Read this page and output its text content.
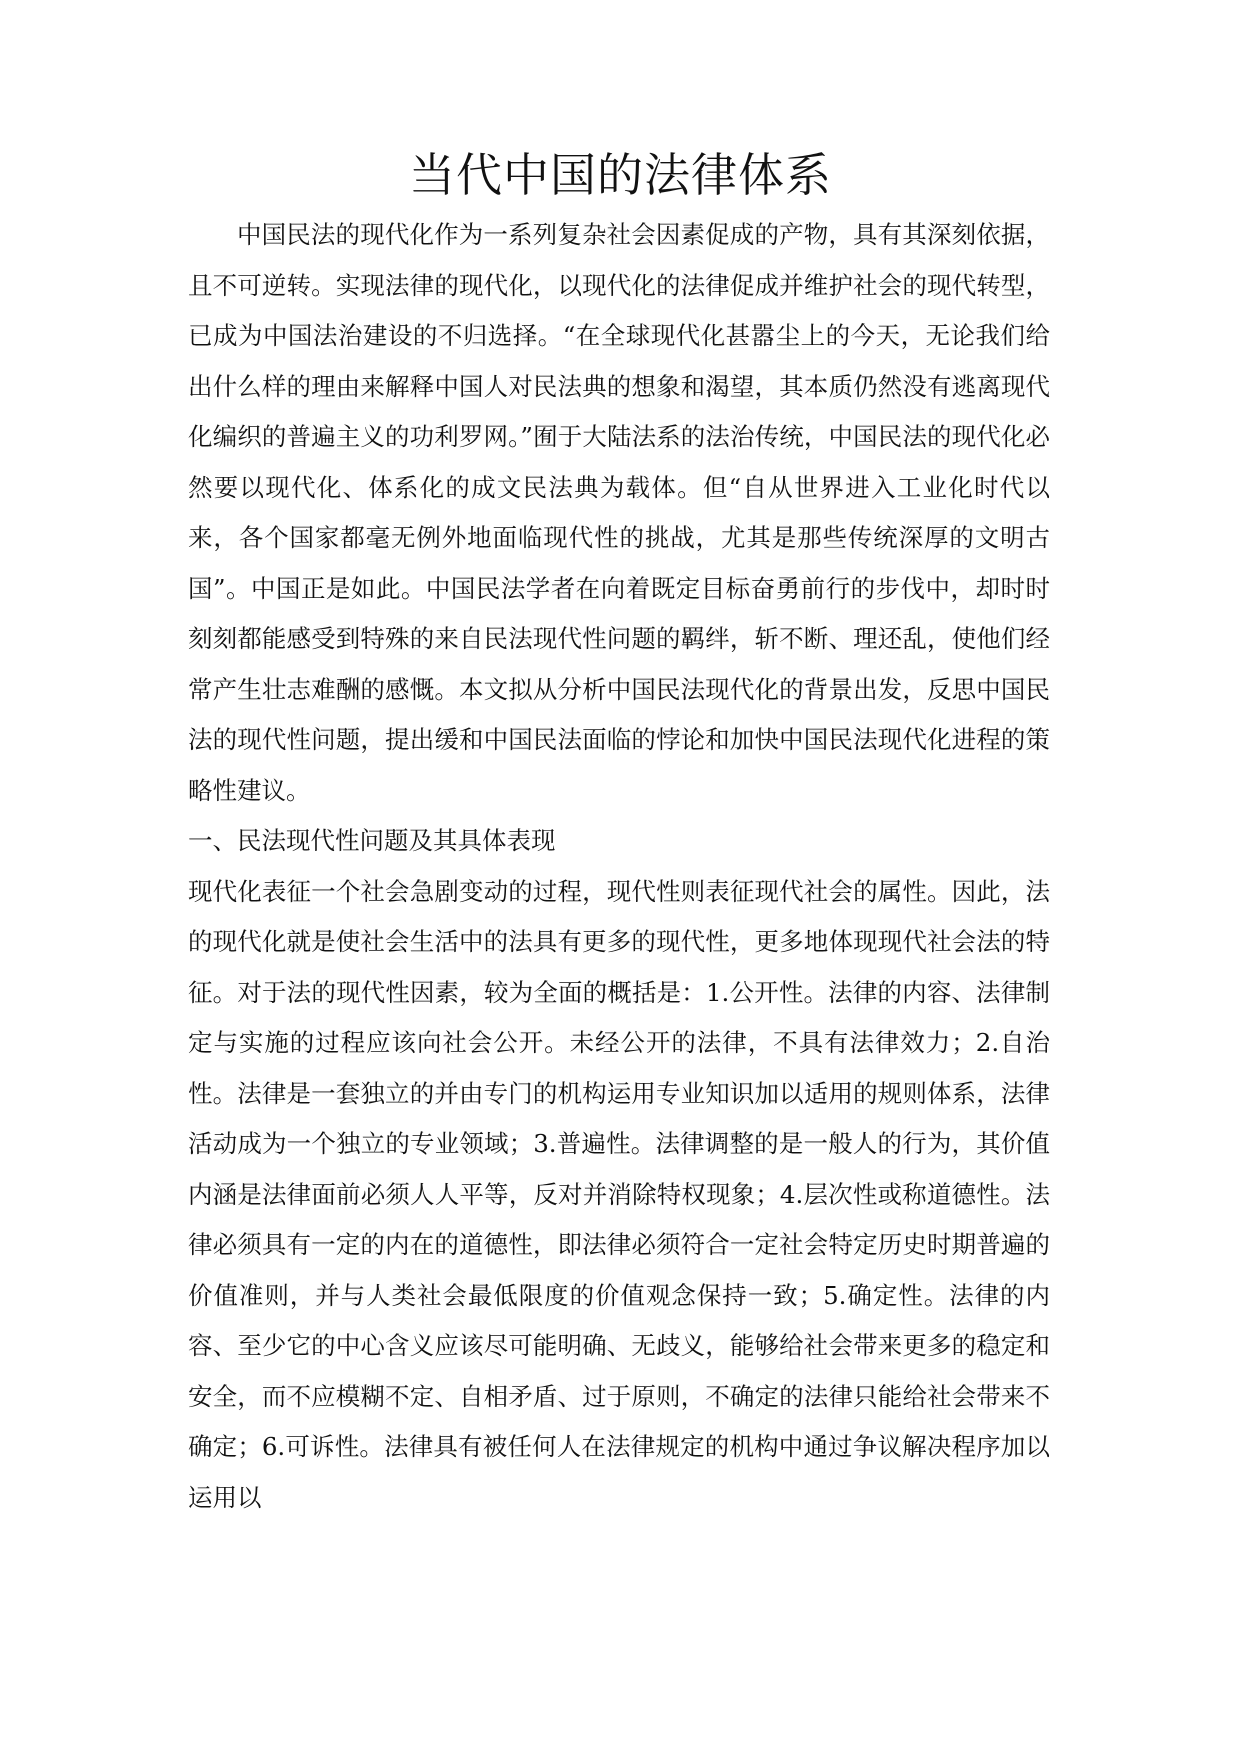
当代中国的法律体系

中国民法的现代化作为一系列复杂社会因素促成的产物，具有其深刻依据，且不可逆转。实现法律的现代化，以现代化的法律促成并维护社会的现代转型，已成为中国法治建设的不归选择。“在全球现代化甚嚣尘上的今天，无论我们给出什么样的理由来解释中国人对民法典的想象和渴望，其本质仍然没有逃离现代化编织的普遍主义的功利罗网。”囿于大陆法系的法治传统，中国民法的现代化必然要以现代化、体系化的成文民法典为载体。但“自从世界进入工业化时代以来，各个国家都毫无例外地面临现代性的挑战，尤其是那些传统深厚的文明古国”。中国正是如此。中国民法学者在向着既定目标奋勇前行的步伐中，却时时刻刻都能感受到特殊的来自民法现代性问题的羁绊，斩不断、理还乱，使他们经常产生壮志难酬的感慨。本文拟从分析中国民法现代化的背景出发，反思中国民法的现代性问题，提出缓和中国民法面临的悖论和加快中国民法现代化进程的策略性建议。

一、民法现代性问题及其具体表现

现代化表征一个社会急剧变动的过程，现代性则表征现代社会的属性。因此，法的现代化就是使社会生活中的法具有更多的现代性，更多地体现现代社会法的特征。对于法的现代性因素，较为全面的概括是：1.公开性。法律的内容、法律制定与实施的过程应该向社会公开。未经公开的法律，不具有法律效力；2.自治性。法律是一套独立的并由专门的机构运用专业知识加以适用的规则体系，法律活动成为一个独立的专业领域；3.普遍性。法律调整的是一般人的行为，其价值内涵是法律面前必须人人平等，反对并消除特权现象；4.层次性或称道德性。法律必须具有一定的内在的道德性，即法律必须符合一定社会特定历史时期普遍的价值准则，并与人类社会最低限度的价值观念保持一致；5.确定性。法律的内容、至少它的中心含义应该尽可能明确、无歧义，能够给社会带来更多的稳定和安全，而不应模糊不定、自相矛盾、过于原则，不确定的法律只能给社会带来不确定；6.可诉性。法律具有被任何人在法律规定的机构中通过争议解决程序加以运用以
